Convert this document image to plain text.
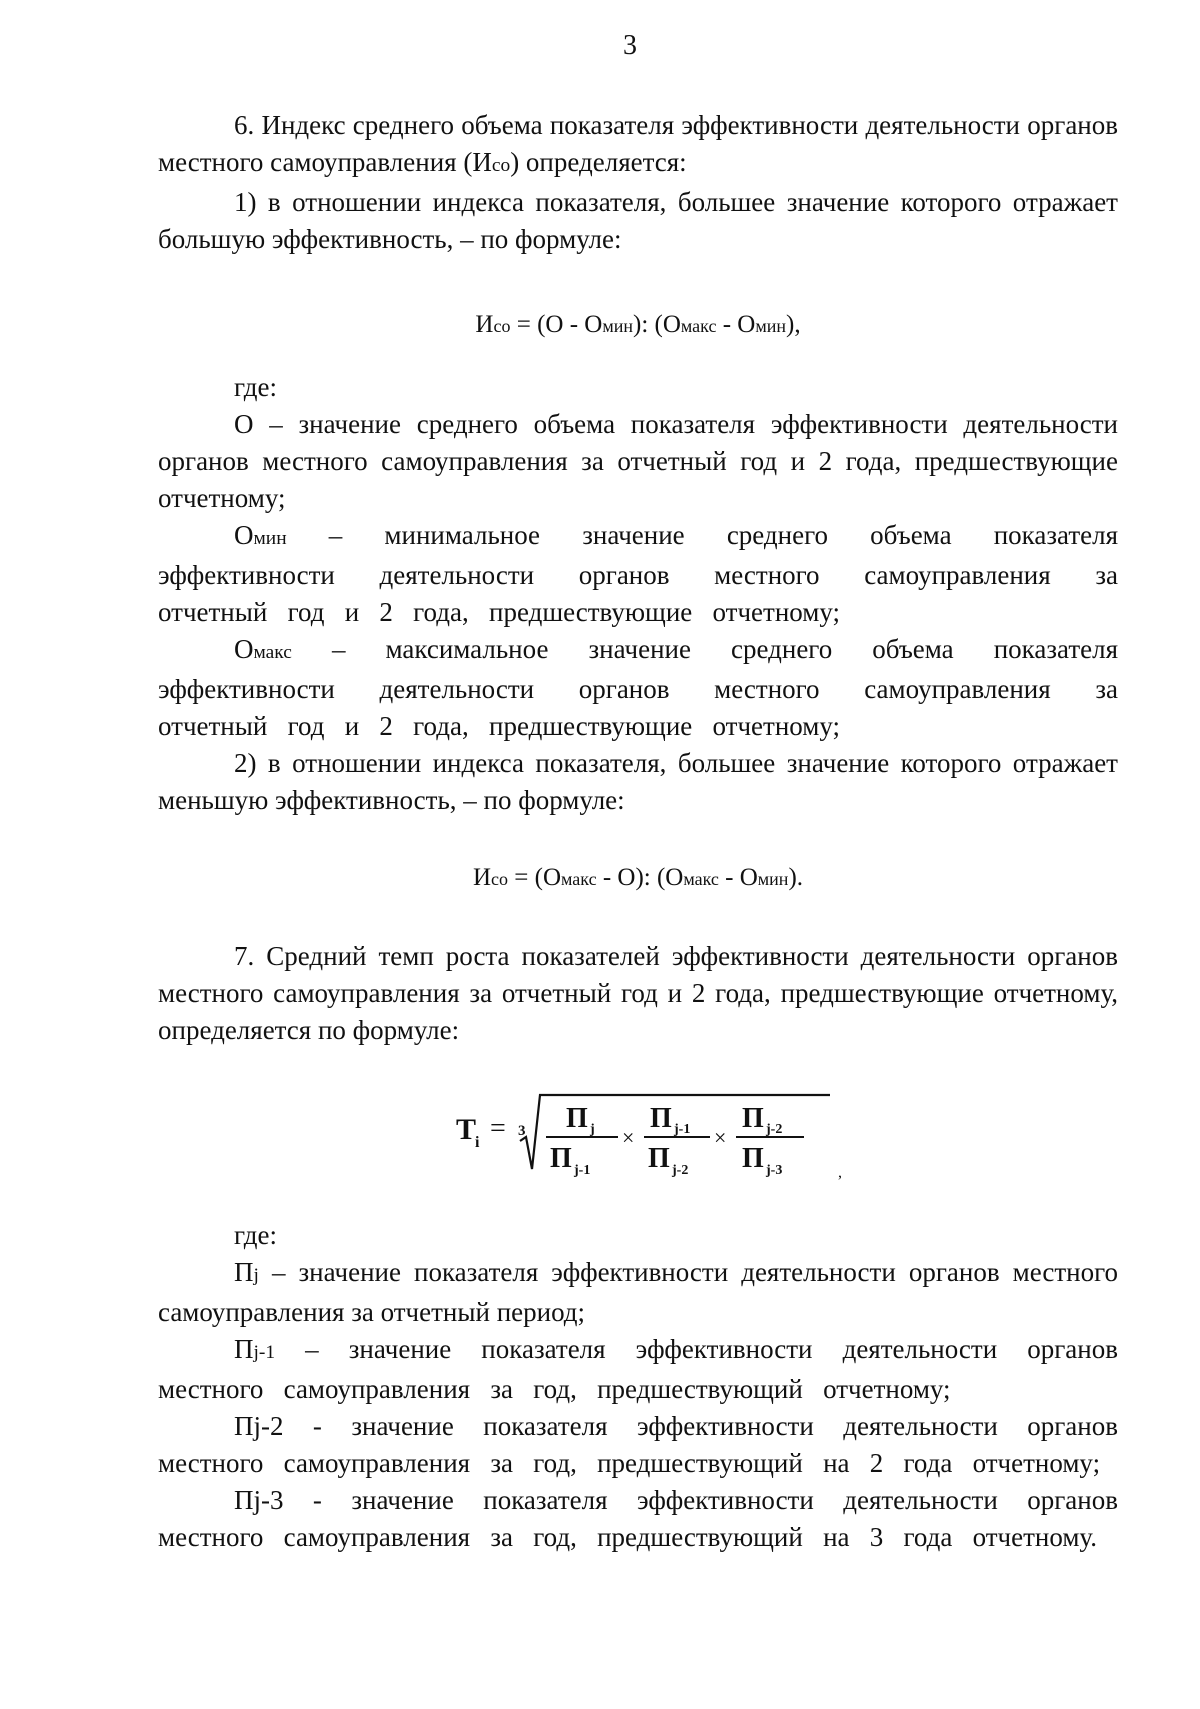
3

6. Индекс среднего объема показателя эффективности деятельности органов местного самоуправления (Исо) определяется:

1) в отношении индекса показателя, большее значение которого отражает большую эффективность, – по формуле:

Исо = (О - Омин): (Омакс - Омин),

где:

О – значение среднего объема показателя эффективности деятельности органов местного самоуправления за отчетный год и 2 года, предшествующие отчетному;

Омин – минимальное значение среднего объема показателя эффективности деятельности органов местного самоуправления за отчетный год и 2 года, предшествующие отчетному;

Омакс – максимальное значение среднего объема показателя эффективности деятельности органов местного самоуправления за отчетный год и 2 года, предшествующие отчетному;

2) в отношении индекса показателя, большее значение которого отражает меньшую эффективность, – по формуле:

Исо = (Омакс - О): (Омакс - Омин).

7. Средний темп роста показателей эффективности деятельности органов местного самоуправления за отчетный год и 2 года, предшествующие отчетному, определяется по формуле:

T
i = 3 П j
П j-1
×
П j-1
П j-2
×
П j-2
П j-3	,

где:

Пj – значение показателя эффективности деятельности органов местного самоуправления за отчетный период;

Пj-1 – значение показателя эффективности деятельности органов местного самоуправления за год, предшествующий отчетному;

Пj-2 - значение показателя эффективности деятельности органов местного самоуправления за год, предшествующий на 2 года отчетному;

Пj-3 - значение показателя эффективности деятельности органов местного самоуправления за год, предшествующий на 3 года отчетному.
